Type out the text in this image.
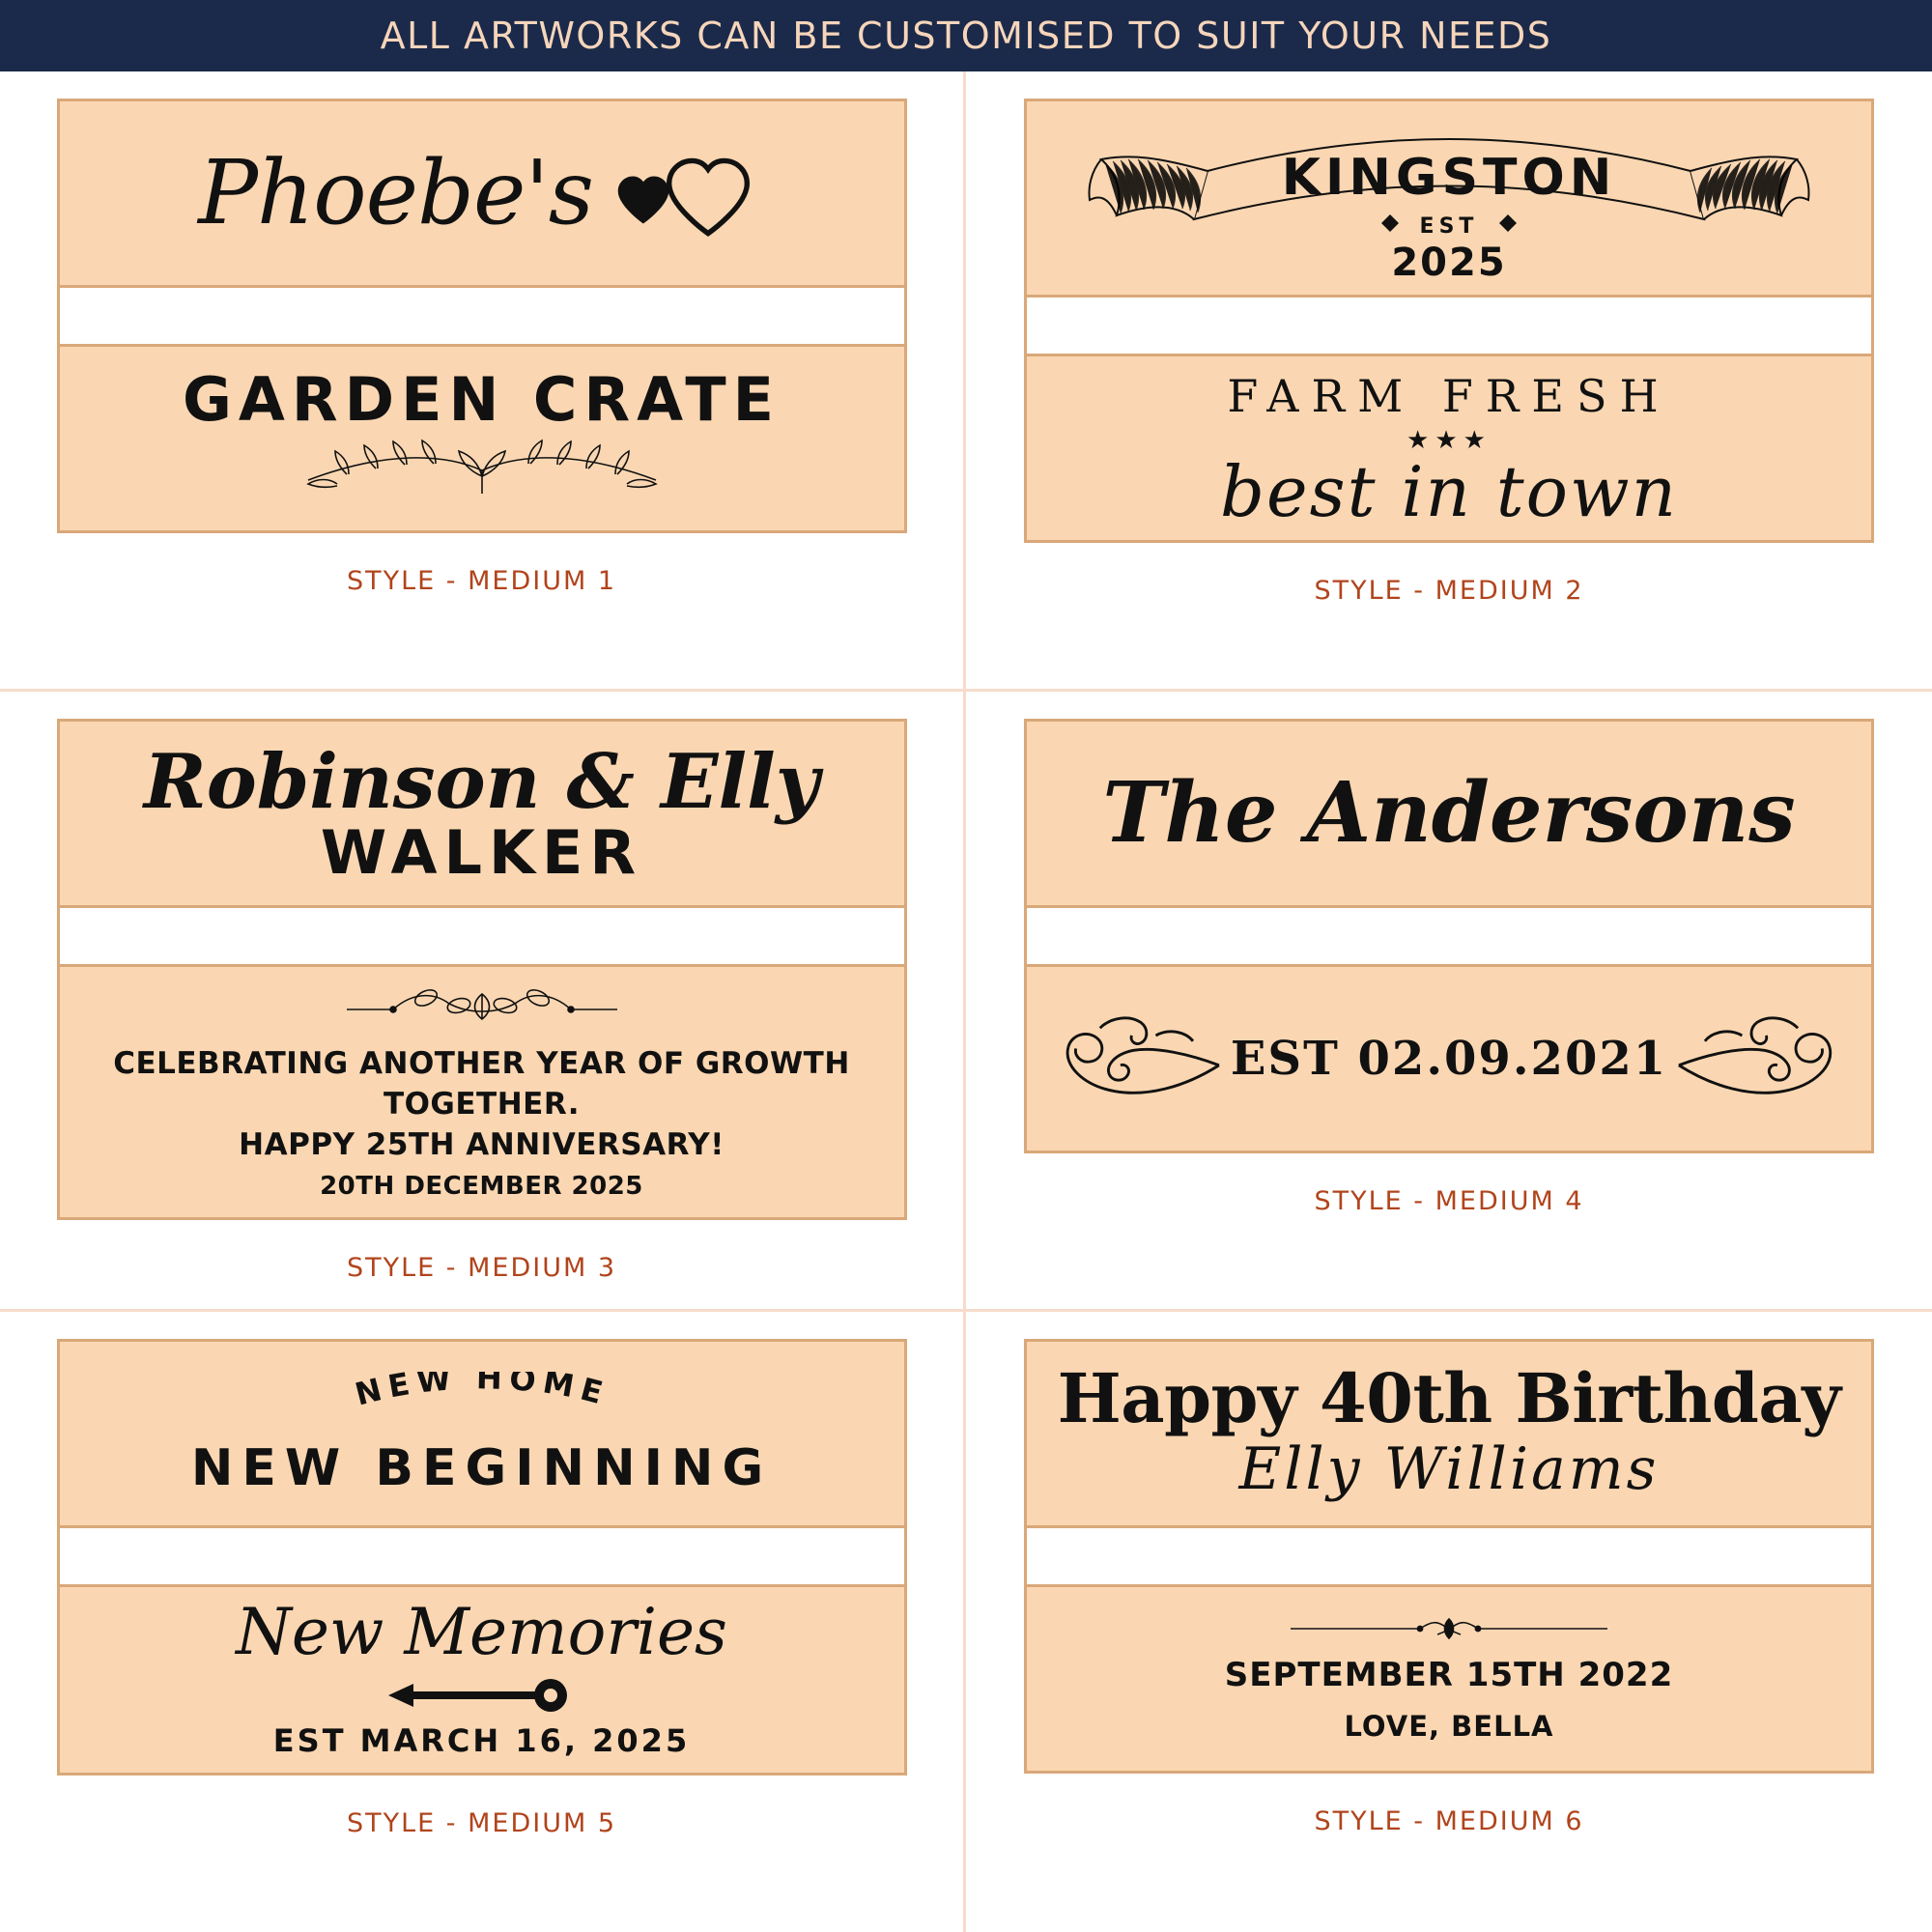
ALL ARTWORKS CAN BE CUSTOMISED TO SUIT YOUR NEEDS
Phoebe's
GARDEN CRATE
STYLE - MEDIUM 1
KINGSTON
EST
2025
FARM FRESH
★★★
best in town
STYLE - MEDIUM 2
Robinson & Elly
WALKER
CELEBRATING ANOTHER YEAR OF GROWTH TOGETHER.
HAPPY 25TH ANNIVERSARY!
20TH DECEMBER 2025
STYLE - MEDIUM 3
The Andersons
EST 02.09.2021
STYLE - MEDIUM 4
NEW HOME
NEW BEGINNING
New Memories
EST MARCH 16, 2025
STYLE - MEDIUM 5
Happy 40th Birthday
Elly Williams
SEPTEMBER 15TH 2022
LOVE, BELLA
STYLE - MEDIUM 6
